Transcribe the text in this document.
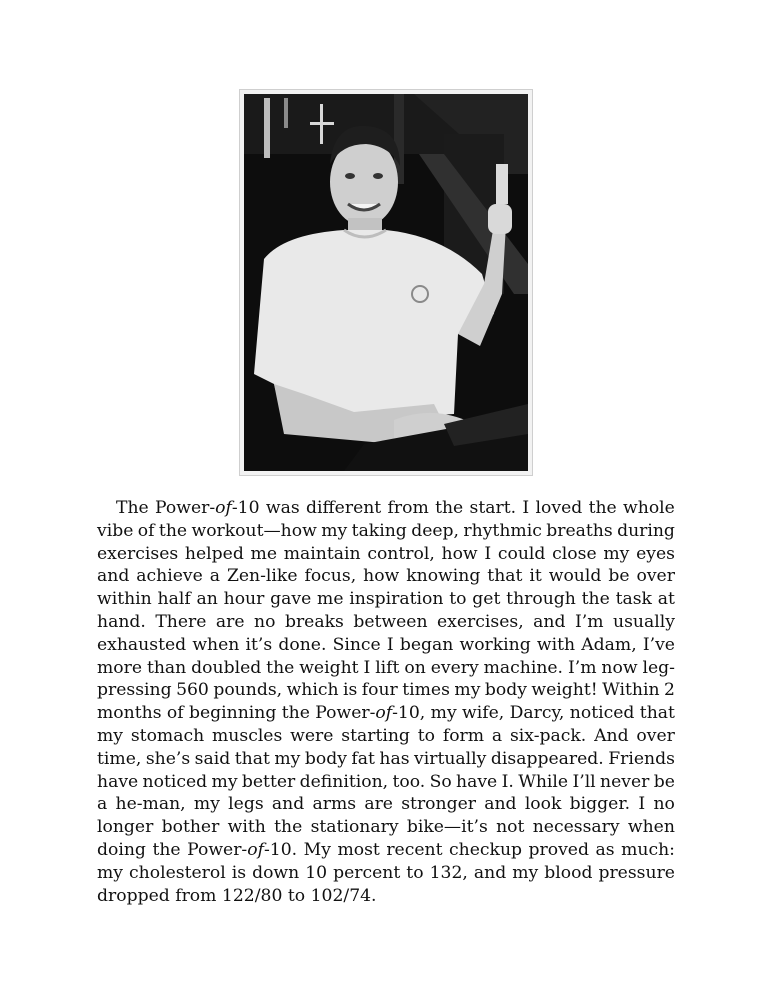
The Power-of-10 was different from the start. I loved the whole
vibe of the workout—how my taking deep, rhythmic breaths during
exercises helped me maintain control, how I could close my eyes
and achieve a Zen-like focus, how knowing that it would be over
within half an hour gave me inspiration to get through the task at
hand. There are no breaks between exercises, and I’m usually
exhausted when it’s done. Since I began working with Adam, I’ve
more than doubled the weight I lift on every machine. I’m now leg-
pressing 560 pounds, which is four times my body weight! Within 2
months of beginning the Power-of-10, my wife, Darcy, noticed that
my stomach muscles were starting to form a six-pack. And over
time, she’s said that my body fat has virtually disappeared. Friends
have noticed my better definition, too. So have I. While I’ll never be
a he-man, my legs and arms are stronger and look bigger. I no
longer bother with the stationary bike—it’s not necessary when
doing the Power-of-10. My most recent checkup proved as much:
my cholesterol is down 10 percent to 132, and my blood pressure
dropped
from
122/80
to
102/74.
